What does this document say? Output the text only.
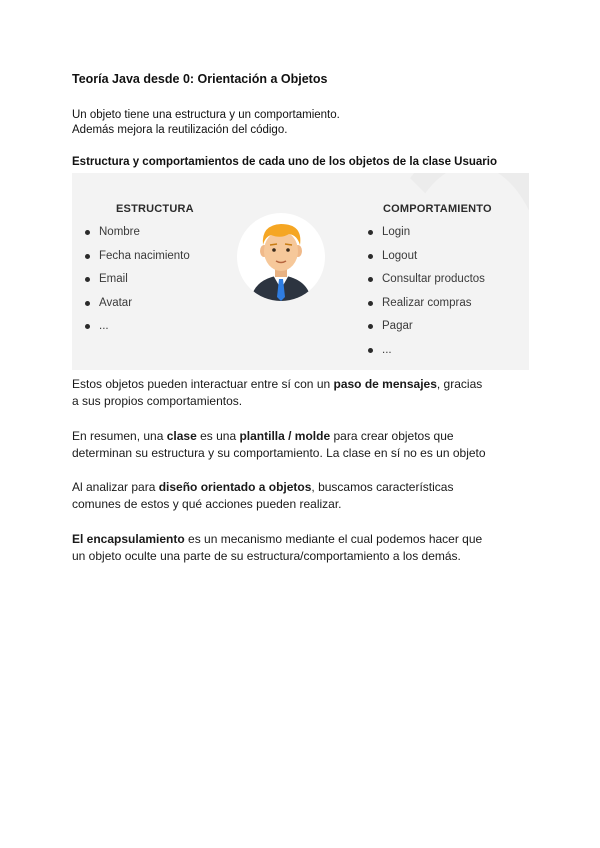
Teoría Java desde 0: Orientación a Objetos
Un objeto tiene una estructura y un comportamiento.
Además mejora la reutilización del código.
Estructura y comportamientos de cada uno de los objetos de la clase Usuario
ESTRUCTURA
Nombre
Fecha nacimiento
Email
Avatar
...
COMPORTAMIENTO
Login
Logout
Consultar productos
Realizar compras
Pagar
...
Estos objetos pueden interactuar entre sí con un paso de mensajes, gracias
a sus propios comportamientos.
En resumen, una clase es una plantilla / molde para crear objetos que
determinan su estructura y su comportamiento. La clase en sí no es un objeto
Al analizar para diseño orientado a objetos, buscamos características
comunes de estos y qué acciones pueden realizar.
El encapsulamiento es un mecanismo mediante el cual podemos hacer que
un objeto oculte una parte de su estructura/comportamiento a los demás.
